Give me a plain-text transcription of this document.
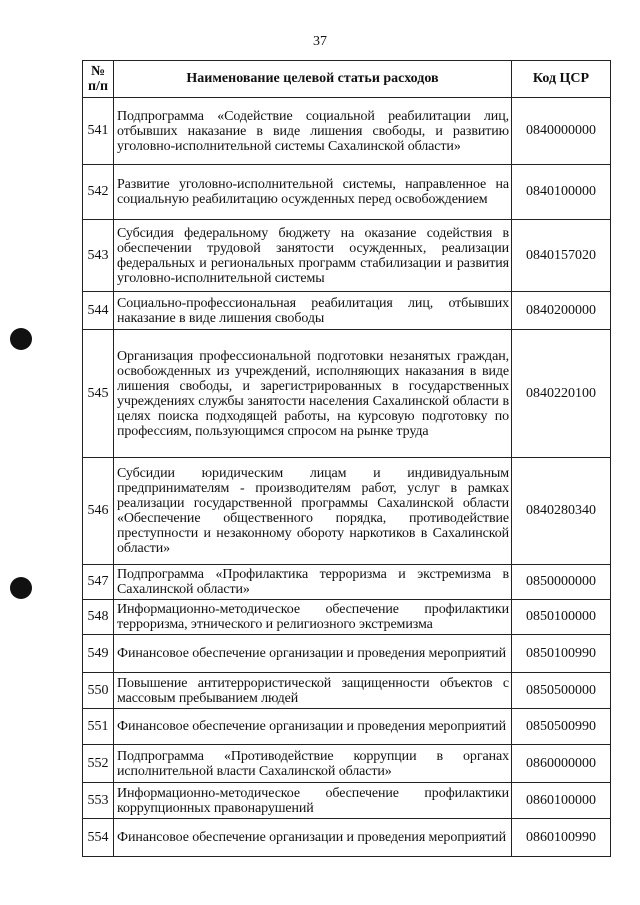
37
№
п/п	Наименование целевой статьи расходов	Код ЦСР
541	Подпрограмма «Содействие социальной реабилитации лиц, отбывших наказание в виде лишения свободы, и развитию уголовно-исполнительной системы Сахалинской области»	0840000000
542	Развитие уголовно-исполнительной системы, направленное на социальную реабилитацию осужденных перед освобождением	0840100000
543	Субсидия федеральному бюджету на оказание содействия в обеспечении трудовой занятости осужденных, реализации федеральных и региональных программ стабилизации и развития уголовно-исполнительной системы	0840157020
544	Социально-профессиональная реабилитация лиц, отбывших наказание в виде лишения свободы	0840200000
545	Организация профессиональной подготовки незанятых граждан, освобожденных из учреждений, исполняющих наказания в виде лишения свободы, и зарегистрированных в государственных учреждениях службы занятости населения Сахалинской области в целях поиска подходящей работы, на курсовую подготовку по профессиям, пользующимся спросом на рынке труда	0840220100
546	Субсидии юридическим лицам и индивидуальным предпринимателям - производителям работ, услуг в рамках реализации государственной программы Сахалинской области «Обеспечение общественного порядка, противодействие преступности и незаконному обороту наркотиков в Сахалинской области»	0840280340
547	Подпрограмма «Профилактика терроризма и экстремизма в Сахалинской области»	0850000000
548	Информационно-методическое обеспечение профилактики терроризма, этнического и религиозного экстремизма	0850100000
549	Финансовое обеспечение организации и проведения мероприятий	0850100990
550	Повышение антитеррористической защищенности объектов с массовым пребыванием людей	0850500000
551	Финансовое обеспечение организации и проведения мероприятий	0850500990
552	Подпрограмма «Противодействие коррупции в органах исполнительной власти Сахалинской области»	0860000000
553	Информационно-методическое обеспечение профилактики коррупционных правонарушений	0860100000
554	Финансовое обеспечение организации и проведения мероприятий	0860100990
